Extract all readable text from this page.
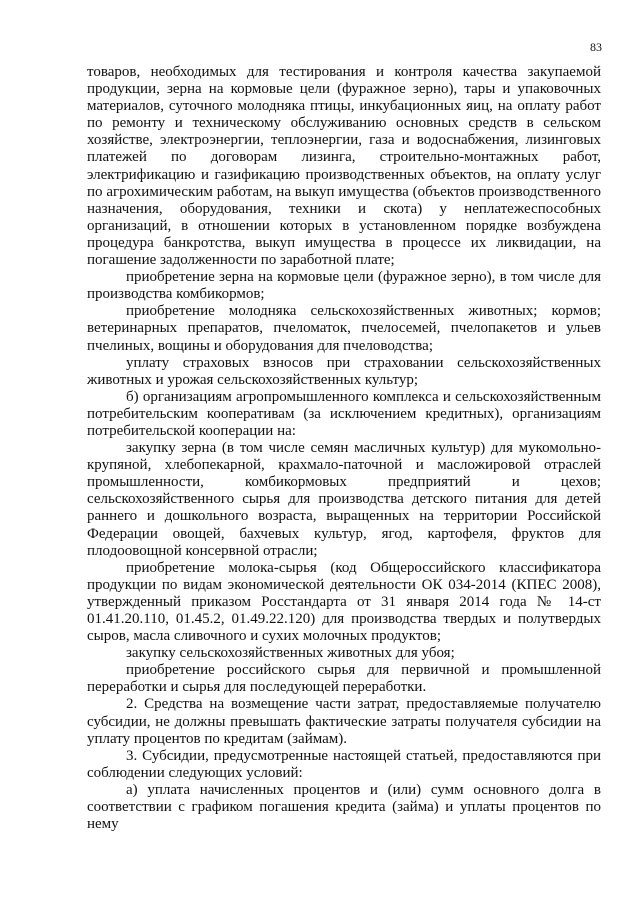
83

товаров, необходимых для тестирования и контроля качества закупаемой продукции, зерна на кормовые цели (фуражное зерно), тары и упаковочных материалов, суточного молодняка птицы, инкубационных яиц, на оплату работ по ремонту и техническому обслуживанию основных средств в сельском хозяйстве, электроэнергии, теплоэнергии, газа и водоснабжения, лизинговых платежей по договорам лизинга, строительно-монтажных работ, электрификацию и газификацию производственных объектов, на оплату услуг по агрохимическим работам, на выкуп имущества (объектов производственного назначения, оборудования, техники и скота) у неплатежеспособных организаций, в отношении которых в установленном порядке возбуждена процедура банкротства, выкуп имущества в процессе их ликвидации, на погашение задолженности по заработной плате;

приобретение зерна на кормовые цели (фуражное зерно), в том числе для производства комбикормов;

приобретение молодняка сельскохозяйственных животных; кормов; ветеринарных препаратов, пчеломаток, пчелосемей, пчелопакетов и ульев пчелиных, вощины и оборудования для пчеловодства;

уплату страховых взносов при страховании сельскохозяйственных животных и урожая сельскохозяйственных культур;

б) организациям агропромышленного комплекса и сельскохозяйственным потребительским кооперативам (за исключением кредитных), организациям потребительской кооперации на:

закупку зерна (в том числе семян масличных культур) для мукомольно-крупяной, хлебопекарной, крахмало-паточной и масложировой отраслей промышленности, комбикормовых предприятий и цехов; сельскохозяйственного сырья для производства детского питания для детей раннего и дошкольного возраста, выращенных на территории Российской Федерации овощей, бахчевых культур, ягод, картофеля, фруктов для плодоовощной консервной отрасли;

приобретение молока-сырья (код Общероссийского классификатора продукции по видам экономической деятельности ОК 034-2014 (КПЕС 2008), утвержденный приказом Росстандарта от 31 января 2014 года № 14-ст 01.41.20.110, 01.45.2, 01.49.22.120) для производства твердых и полутвердых сыров, масла сливочного и сухих молочных продуктов;

закупку сельскохозяйственных животных для убоя;

приобретение российского сырья для первичной и промышленной переработки и сырья для последующей переработки.

2. Средства на возмещение части затрат, предоставляемые получателю субсидии, не должны превышать фактические затраты получателя субсидии на уплату процентов по кредитам (займам).

3. Субсидии, предусмотренные настоящей статьей, предоставляются при соблюдении следующих условий:

а) уплата начисленных процентов и (или) сумм основного долга в соответствии с графиком погашения кредита (займа) и уплаты процентов по нему
